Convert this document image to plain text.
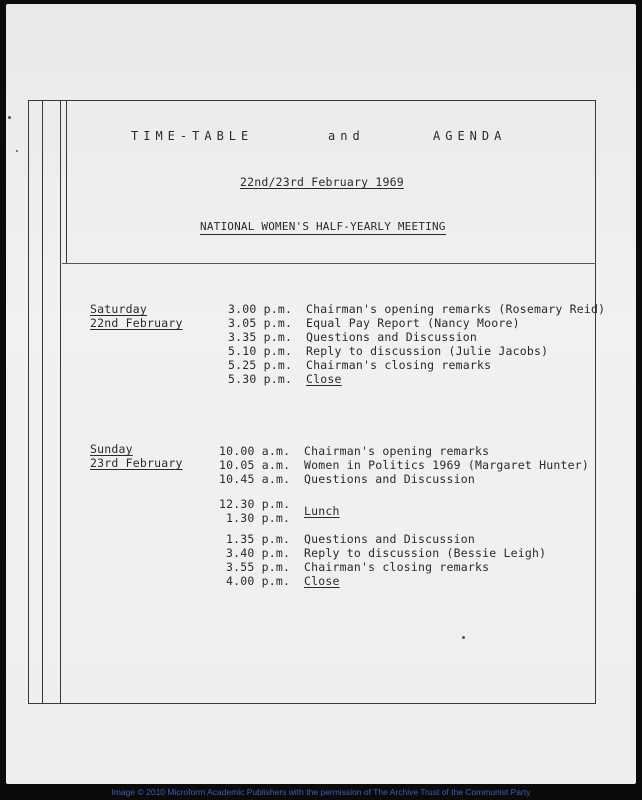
TIME-TABLE	and	AGENDA
22nd/23rd February 1969
NATIONAL WOMEN'S HALF-YEARLY MEETING
Saturday
22nd February
3.00 p.m. Chairman's opening remarks (Rosemary Reid)
3.05 p.m. Equal Pay Report (Nancy Moore)
3.35 p.m. Questions and Discussion
5.10 p.m. Reply to discussion (Julie Jacobs)
5.25 p.m. Chairman's closing remarks
5.30 p.m. Close
Sunday
23rd February
10.00 a.m. Chairman's opening remarks
10.05 a.m. Women in Politics 1969 (Margaret Hunter)
10.45 a.m. Questions and Discussion
12.30 p.m.
1.30 p.m. Lunch
1.35 p.m. Questions and Discussion
3.40 p.m. Reply to discussion (Bessie Leigh)
3.55 p.m. Chairman's closing remarks
4.00 p.m. Close
Image © 2010 Microform Academic Publishers with the permission of The Archive Trust of the Communist Party
